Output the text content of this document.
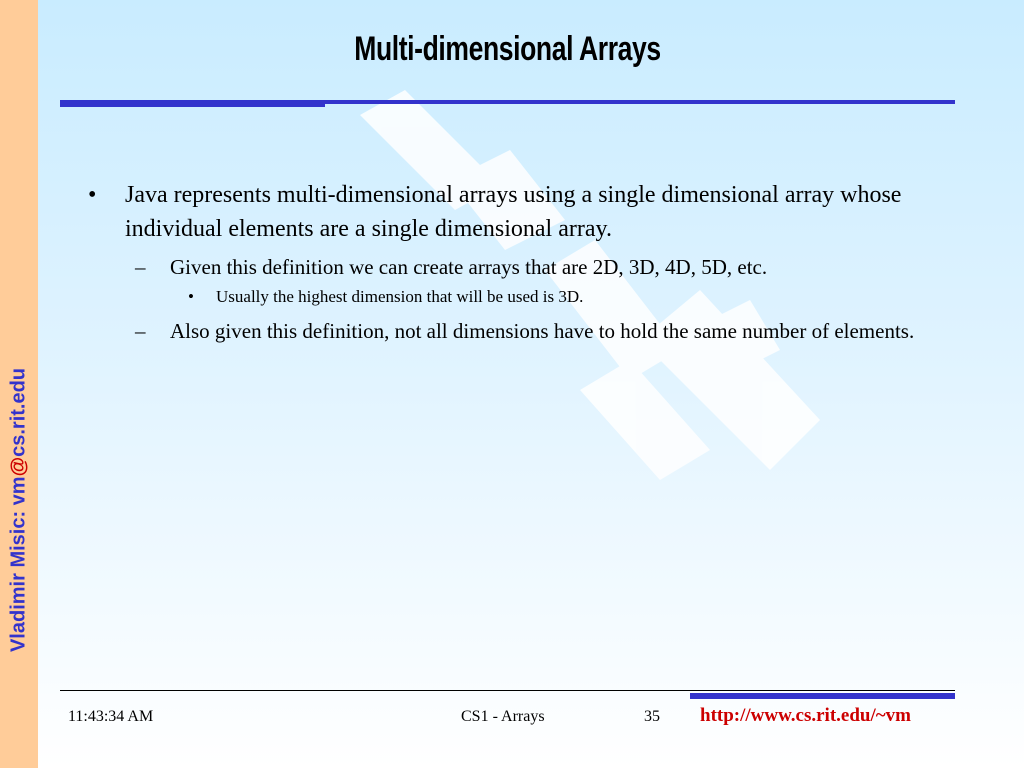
Vladimir Misic: vm@cs.rit.edu
Multi-dimensional Arrays
•	Java represents multi-dimensional arrays using a single dimensional array whose individual elements are a single dimensional array.
–	Given this definition we can create arrays that are 2D, 3D, 4D, 5D, etc.
•	Usually the highest dimension that will be used is 3D.
–	Also given this definition, not all dimensions have to hold the same number of elements.
11:43:34 AM	CS1 - Arrays	35 http://www.cs.rit.edu/~vm
